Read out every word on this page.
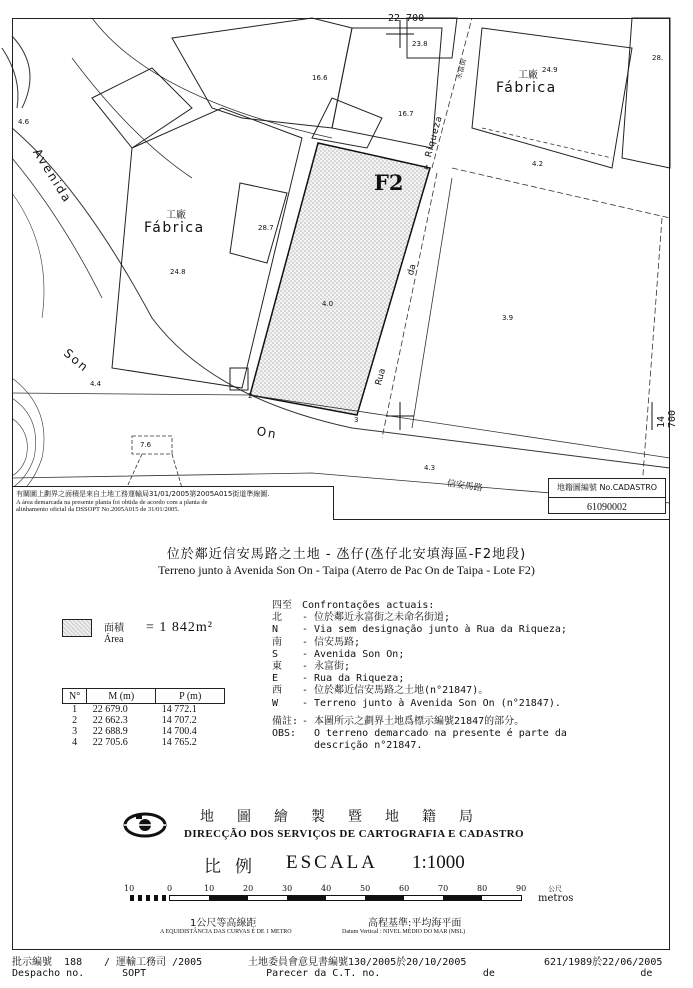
22 700
14 700
F2
工廠
Fábrica
工廠
Fábrica
Avenida
Son
On
Riqueza
da
Rua
信安馬路
永富街
23.8
16.6
24.9
28.
16.7
4.6
4.2
28.7
24.8
4.0
3.9
4.4
7.6
4.3
4
2
3
有關圖上劃界之面積是來自土地工務運輸局31/01/2005第2005A015街道準線圖.
A área demarcada na presente planta foi obtida de acordo com a planta de
alinhamento oficial da DSSOPT No.2005A015 de 31/01/2005.
地籍圖編號 No.CADASTRO
61090002
位於鄰近信安馬路之土地 - 氹仔(氹仔北安填海區-F2地段)
Terreno junto à Avenida Son On - Taipa (Aterro de Pac On de Taipa - Lote F2)
面積
Área
= 1 842m²
N°	M (m)	P (m)
1	22 679.0	14 772.1
2	22 662.3	14 707.2
3	22 688.9	14 700.4
4	22 705.6	14 765.2
四至	Confrontações actuais:
北	- 位於鄰近永富街之未命名街道;
N	- Via sem designação junto à Rua da Riqueza;
南	- 信安馬路;
S	- Avenida Son On;
東	- 永富街;
E	- Rua da Riqueza;
西	- 位於鄰近信安馬路之土地(n°21847)。
W	- Terreno junto à Avenida Son On (n°21847).
備註: - 本圖所示之劃界土地爲標示編號21847的部分。
OBS:	O terreno demarcado na presente é parte da
descrição n°21847.
地圖繪製暨地籍局
DIRECÇÃO DOS SERVIÇOS DE CARTOGRAFIA E CADASTRO
比例 ESCALA 1:1000
10	0	10	20	30	40	50	60	70	80	90	公尺
metros
1公尺等高線距
A EQUIDISTÂNCIA DAS CURVAS É DE 1 METRO
高程基準:平均海平面
Datum Vertical : NIVEL MÉDIO DO MAR (MSL)
批示編號 188
Despacho no.
/ 運輸工務司 /2005
SOPT
土地委員會意見書編號130/2005於20/10/2005
Parecer da C.T. no.	de
621/1989於22/06/2005
de
